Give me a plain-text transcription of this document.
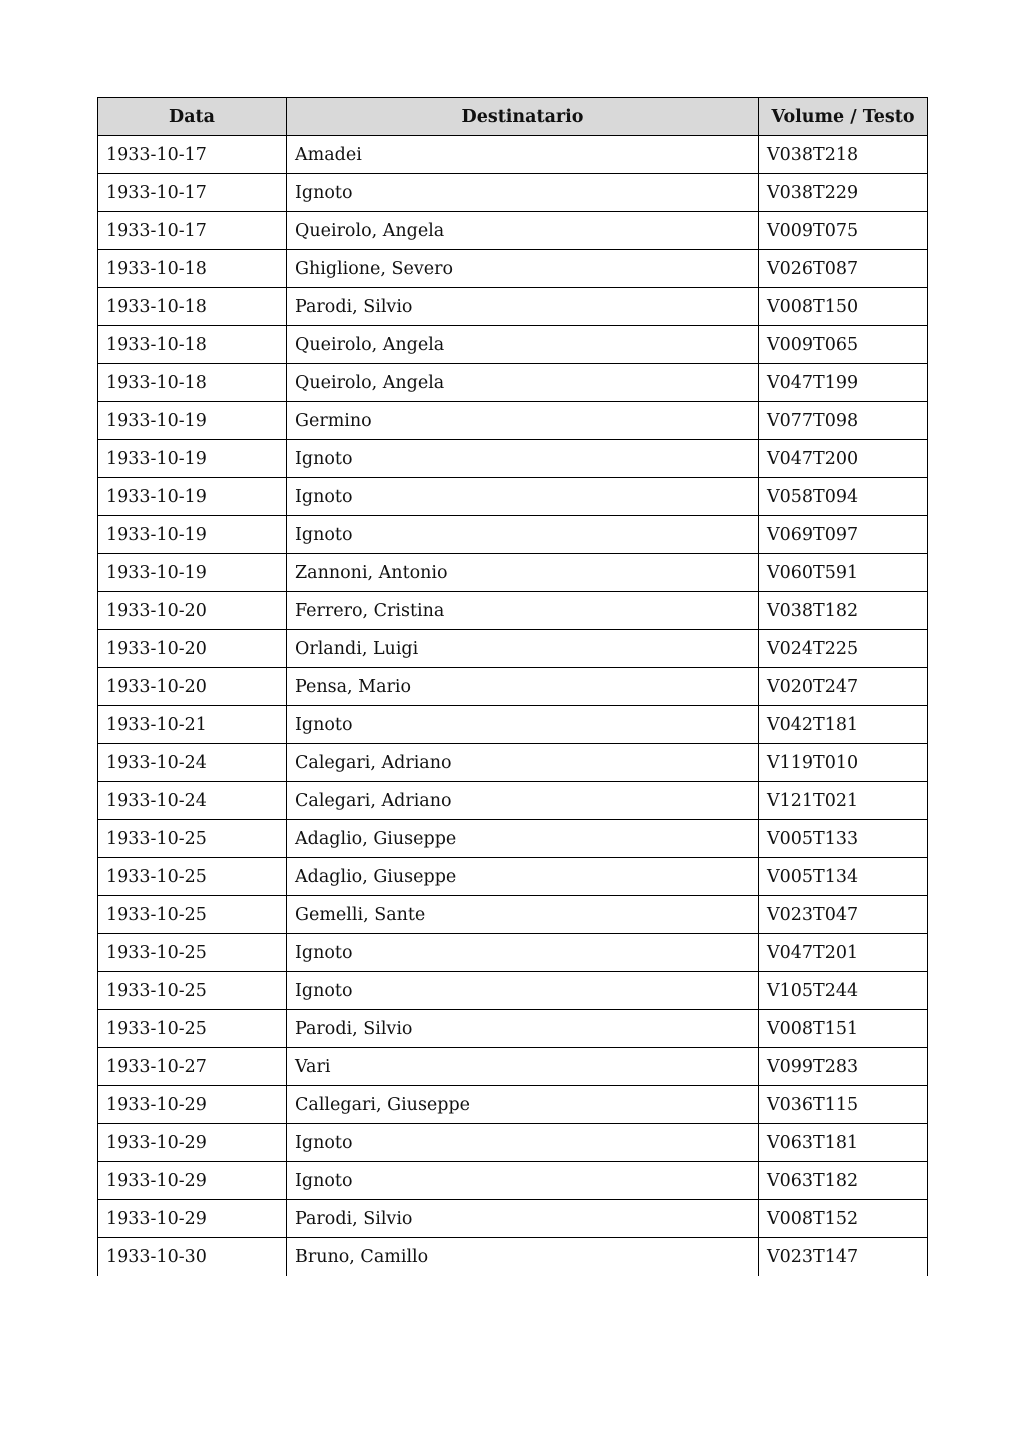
Data	Destinatario	Volume / Testo
1933-10-17	Amadei	V038T218
1933-10-17	Ignoto	V038T229
1933-10-17	Queirolo, Angela	V009T075
1933-10-18	Ghiglione, Severo	V026T087
1933-10-18	Parodi, Silvio	V008T150
1933-10-18	Queirolo, Angela	V009T065
1933-10-18	Queirolo, Angela	V047T199
1933-10-19	Germino	V077T098
1933-10-19	Ignoto	V047T200
1933-10-19	Ignoto	V058T094
1933-10-19	Ignoto	V069T097
1933-10-19	Zannoni, Antonio	V060T591
1933-10-20	Ferrero, Cristina	V038T182
1933-10-20	Orlandi, Luigi	V024T225
1933-10-20	Pensa, Mario	V020T247
1933-10-21	Ignoto	V042T181
1933-10-24	Calegari, Adriano	V119T010
1933-10-24	Calegari, Adriano	V121T021
1933-10-25	Adaglio, Giuseppe	V005T133
1933-10-25	Adaglio, Giuseppe	V005T134
1933-10-25	Gemelli, Sante	V023T047
1933-10-25	Ignoto	V047T201
1933-10-25	Ignoto	V105T244
1933-10-25	Parodi, Silvio	V008T151
1933-10-27	Vari	V099T283
1933-10-29	Callegari, Giuseppe	V036T115
1933-10-29	Ignoto	V063T181
1933-10-29	Ignoto	V063T182
1933-10-29	Parodi, Silvio	V008T152
1933-10-30	Bruno, Camillo	V023T147
